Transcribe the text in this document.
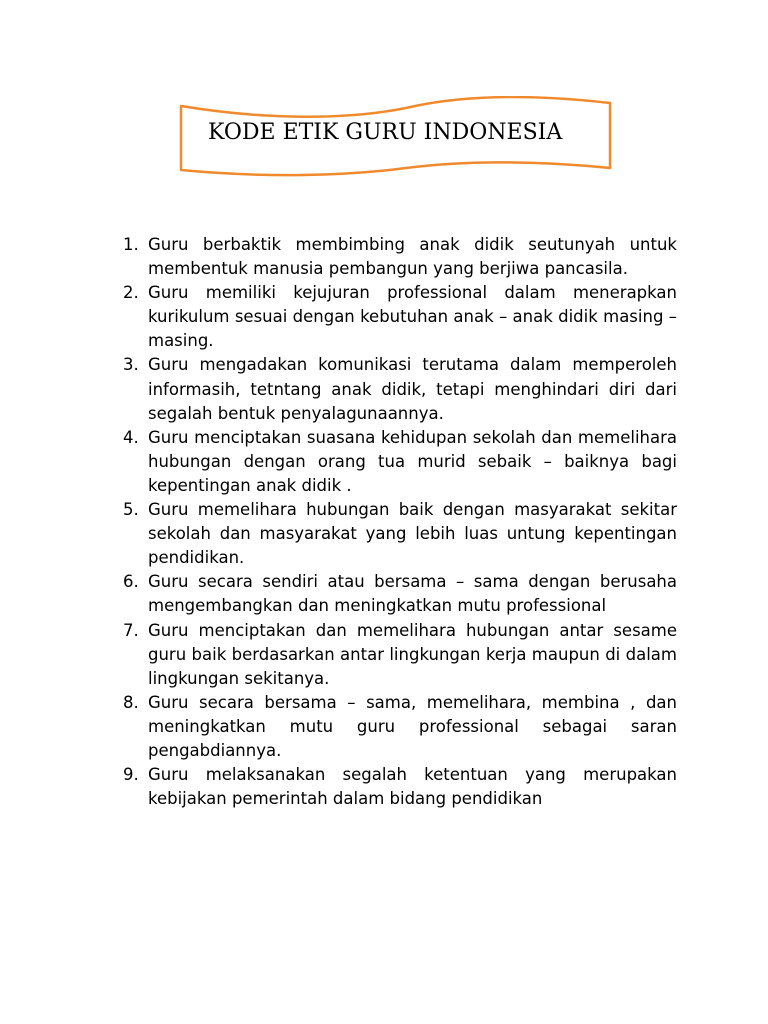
KODE ETIK GURU INDONESIA
1. Guru berbaktik membimbing anak didik seutunyah untuk membentuk manusia pembangun yang berjiwa pancasila.
2. Guru memiliki kejujuran professional dalam menerapkan kurikulum sesuai dengan kebutuhan anak – anak didik masing – masing.
3. Guru mengadakan komunikasi terutama dalam memperoleh informasih, tetntang anak didik, tetapi menghindari diri dari segalah bentuk penyalagunaannya.
4. Guru menciptakan suasana kehidupan sekolah dan memelihara hubungan dengan orang tua murid sebaik – baiknya bagi kepentingan anak didik .
5. Guru memelihara hubungan baik dengan masyarakat sekitar sekolah dan masyarakat yang lebih luas untung kepentingan pendidikan.
6. Guru secara sendiri atau bersama – sama dengan berusaha mengembangkan dan meningkatkan mutu professional
7. Guru menciptakan dan memelihara hubungan antar sesame guru baik berdasarkan antar lingkungan kerja maupun di dalam lingkungan sekitanya.
8. Guru secara bersama – sama, memelihara, membina , dan meningkatkan mutu guru professional sebagai saran pengabdiannya.
9. Guru melaksanakan segalah ketentuan yang merupakan kebijakan pemerintah dalam bidang pendidikan
